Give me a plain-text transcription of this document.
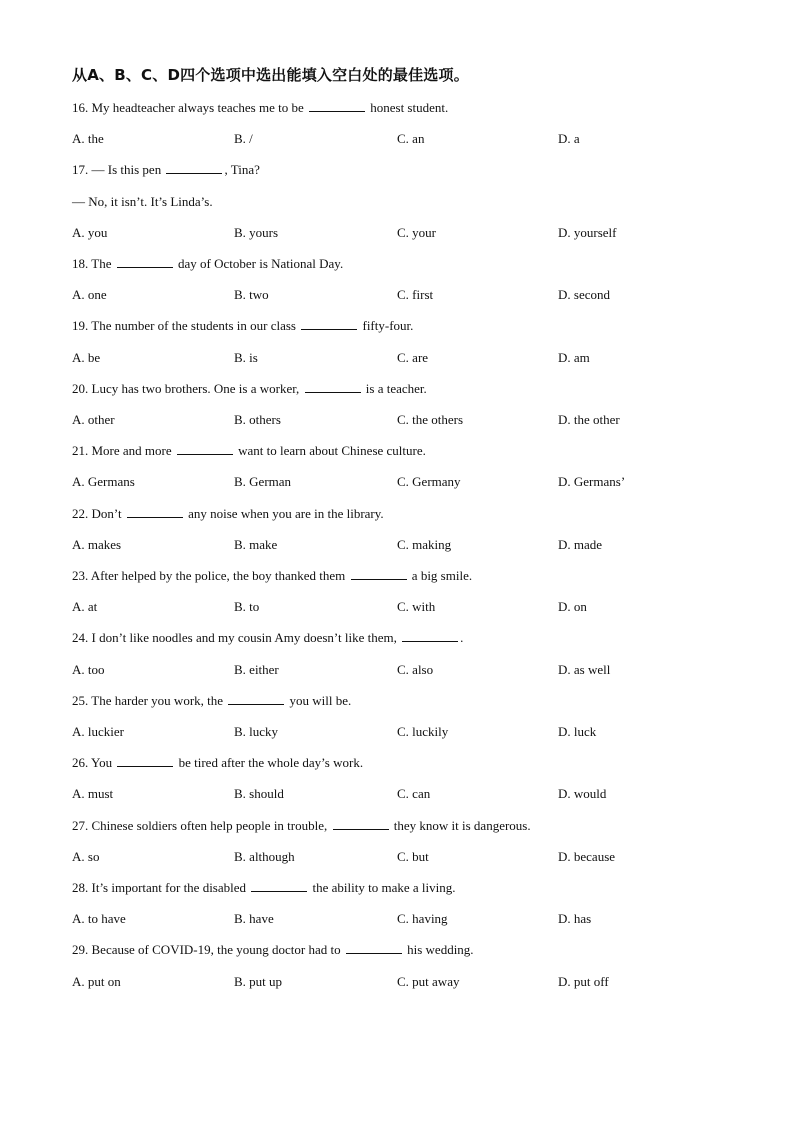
从A、B、C、D四个选项中选出能填入空白处的最佳选项。
16. My headteacher always teaches me to be	honest student.
A. the	B. /	C. an	D. a
17. — Is this pen	, Tina?
— No, it isn’t. It’s Linda’s.
A. you	B. yours	C. your	D. yourself
18. The	day of October is National Day.
A. one	B. two	C. first	D. second
19. The number of the students in our class	fifty-four.
A. be	B. is	C. are	D. am
20. Lucy has two brothers. One is a worker,	is a teacher.
A. other	B. others	C. the others	D. the other
21. More and more	want to learn about Chinese culture.
A. Germans	B. German	C. Germany	D. Germans’
22. Don’t	any noise when you are in the library.
A. makes	B. make	C. making	D. made
23. After helped by the police, the boy thanked them	a big smile.
A. at	B. to	C. with	D. on
24. I don’t like noodles and my cousin Amy doesn’t like them,	.
A. too	B. either	C. also	D. as well
25. The harder you work, the	you will be.
A. luckier	B. lucky	C. luckily	D. luck
26. You	be tired after the whole day’s work.
A. must	B. should	C. can	D. would
27. Chinese soldiers often help people in trouble,	they know it is dangerous.
A. so	B. although	C. but	D. because
28. It’s important for the disabled	the ability to make a living.
A. to have	B. have	C. having	D. has
29. Because of COVID-19, the young doctor had to	his wedding.
A. put on	B. put up	C. put away	D. put off
